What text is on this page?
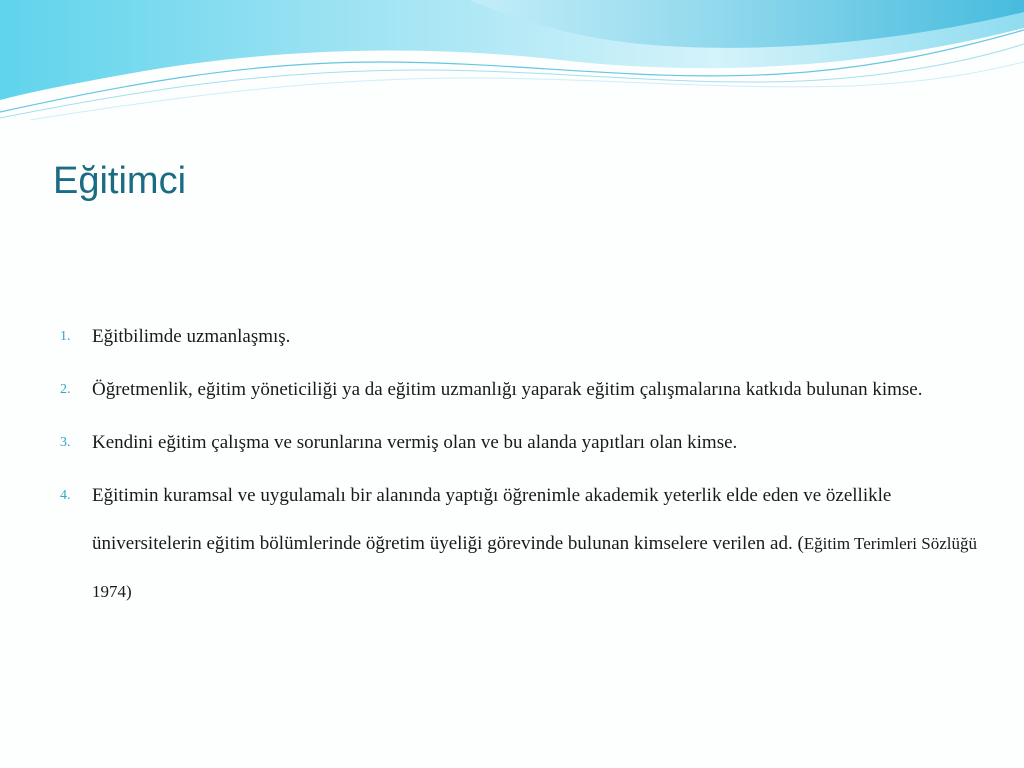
Eğitimci
1.	Eğitbilimde uzmanlaşmış.
2.	Öğretmenlik, eğitim yöneticiliği ya da eğitim uzmanlığı yaparak eğitim çalışmalarına katkıda bulunan kimse.
3.	Kendini eğitim çalışma ve sorunlarına vermiş olan ve bu alanda yapıtları olan kimse.
4.	Eğitimin kuramsal ve uygulamalı bir alanında yaptığı öğrenimle akademik yeterlik elde eden ve özellikle üniversitelerin eğitim bölümlerinde öğretim üyeliği görevinde bulunan kimselere verilen ad. (Eğitim Terimleri Sözlüğü 1974)
